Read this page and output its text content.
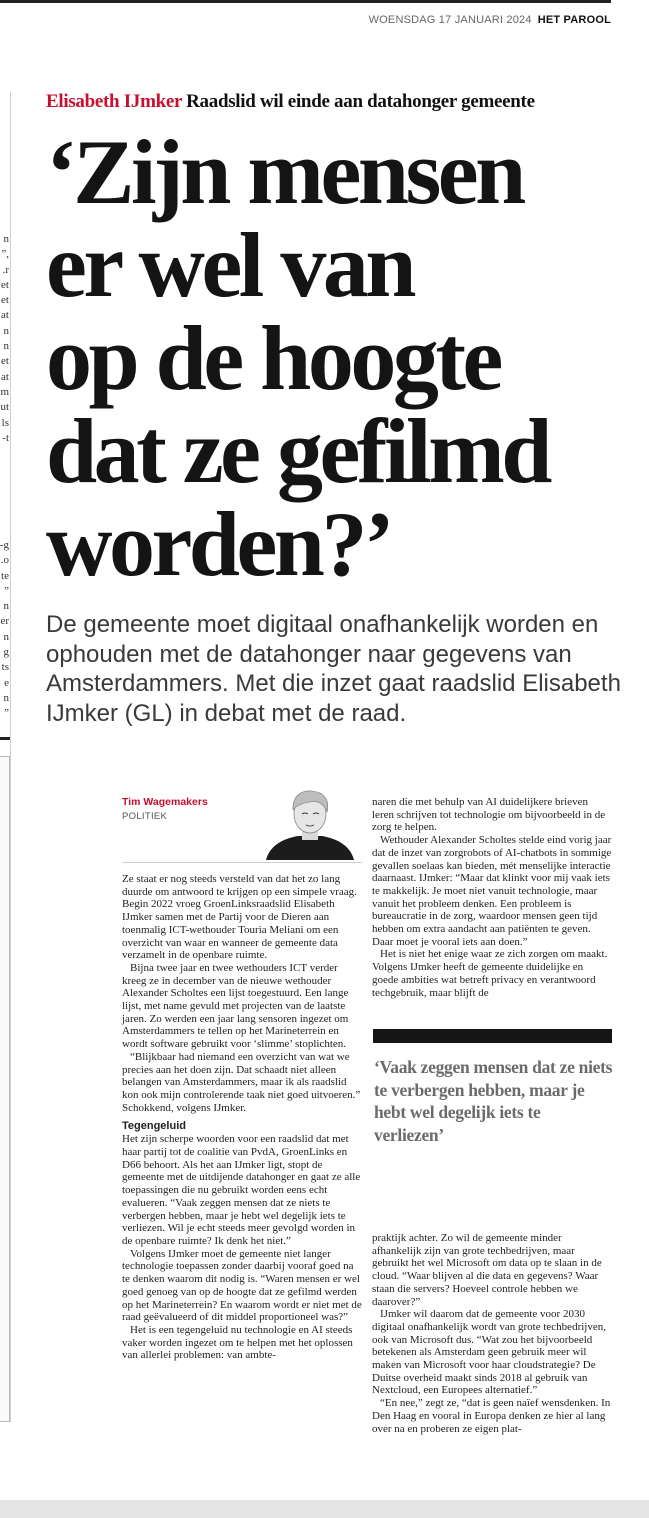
WOENSDAG 17 JANUARI 2024 HET PAROOL
n
,”
r.
et
et
at
n
n
et
at
m
ut
ls
t-
g-
o.
te
”
n
er
n
g
ts
e
n
”
Elisabeth IJmker Raadslid wil einde aan datahonger gemeente
‘Zijn mensen
er wel van
op de hoogte
dat ze gefilmd
worden?’
De gemeente moet digitaal onafhankelijk worden en ophouden met de datahonger naar gegevens van Amsterdammers. Met die inzet gaat raadslid Elisabeth IJmker (GL) in debat met de raad.
Tim Wagemakers
POLITIEK

Ze staat er nog steeds versteld van dat het zo lang duurde om antwoord te krijgen op een simpele vraag. Begin 2022 vroeg GroenLinksraadslid Elisabeth IJmker samen met de Partij voor de Dieren aan toenmalig ICT-wethouder Touria Meliani om een overzicht van waar en wanneer de gemeente data verzamelt in de openbare ruimte.

Bijna twee jaar en twee wethouders ICT verder kreeg ze in december van de nieuwe wethouder Alexander Scholtes een lijst toegestuurd. Een lange lijst, met name gevuld met projecten van de laatste jaren. Zo werden een jaar lang sensoren ingezet om Amsterdammers te tellen op het Marineterrein en wordt software gebruikt voor ‘slimme’ stoplichten.

“Blijkbaar had niemand een overzicht van wat we precies aan het doen zijn. Dat schaadt niet alleen belangen van Amsterdammers, maar ik als raadslid kon ook mijn controlerende taak niet goed uitvoeren.” Schokkend, volgens IJmker.

Tegengeluid

Het zijn scherpe woorden voor een raadslid dat met haar partij tot de coalitie van PvdA, GroenLinks en D66 behoort. Als het aan IJmker ligt, stopt de gemeente met de uitdijende datahonger en gaat ze alle toepassingen die nu gebruikt worden eens echt evalueren. “Vaak zeggen mensen dat ze niets te verbergen hebben, maar je hebt wel degelijk iets te verliezen. Wil je echt steeds meer gevolgd worden in de openbare ruimte? Ik denk het niet.”

Volgens IJmker moet de gemeente niet langer technologie toepassen zonder daarbij vooraf goed na te denken waarom dit nodig is. “Waren mensen er wel goed genoeg van op de hoogte dat ze gefilmd werden op het Marineterrein? En waarom wordt er niet met de raad geëvalueerd of dit middel proportioneel was?”

Het is een tegengeluid nu technologie en AI steeds vaker worden ingezet om te helpen met het oplossen van allerlei problemen: van ambte-

naren die met behulp van AI duidelijkere brieven leren schrijven tot technologie om bijvoorbeeld in de zorg te helpen.

Wethouder Alexander Scholtes stelde eind vorig jaar dat de inzet van zorgrobots of AI-chatbots in sommige gevallen soelaas kan bieden, mét menselijke interactie daarnaast. IJmker: “Maar dat klinkt voor mij vaak iets te makkelijk. Je moet niet vanuit technologie, maar vanuit het probleem denken. Een probleem is bureaucratie in de zorg, waardoor mensen geen tijd hebben om extra aandacht aan patiënten te geven. Daar moet je vooral iets aan doen.”

Het is niet het enige waar ze zich zorgen om maakt. Volgens IJmker heeft de gemeente duidelijke en goede ambities wat betreft privacy en verantwoord techgebruik, maar blijft de

‘Vaak zeggen mensen dat ze niets te verbergen hebben, maar je hebt wel degelijk iets te verliezen’

praktijk achter. Zo wil de gemeente minder afhankelijk zijn van grote techbedrijven, maar gebruikt het wel Microsoft om data op te slaan in de cloud. “Waar blijven al die data en gegevens? Waar staan die servers? Hoeveel controle hebben we daarover?”

IJmker wil daarom dat de gemeente voor 2030 digitaal onafhankelijk wordt van grote techbedrijven, ook van Microsoft dus. “Wat zou het bijvoorbeeld betekenen als Amsterdam geen gebruik meer wil maken van Microsoft voor haar cloudstrategie? De Duitse overheid maakt sinds 2018 al gebruik van Nextcloud, een Europees alternatief.”

“En nee,” zegt ze, “dat is geen naïef wensdenken. In Den Haag en vooral in Europa denken ze hier al lang over na en proberen ze eigen plat-
